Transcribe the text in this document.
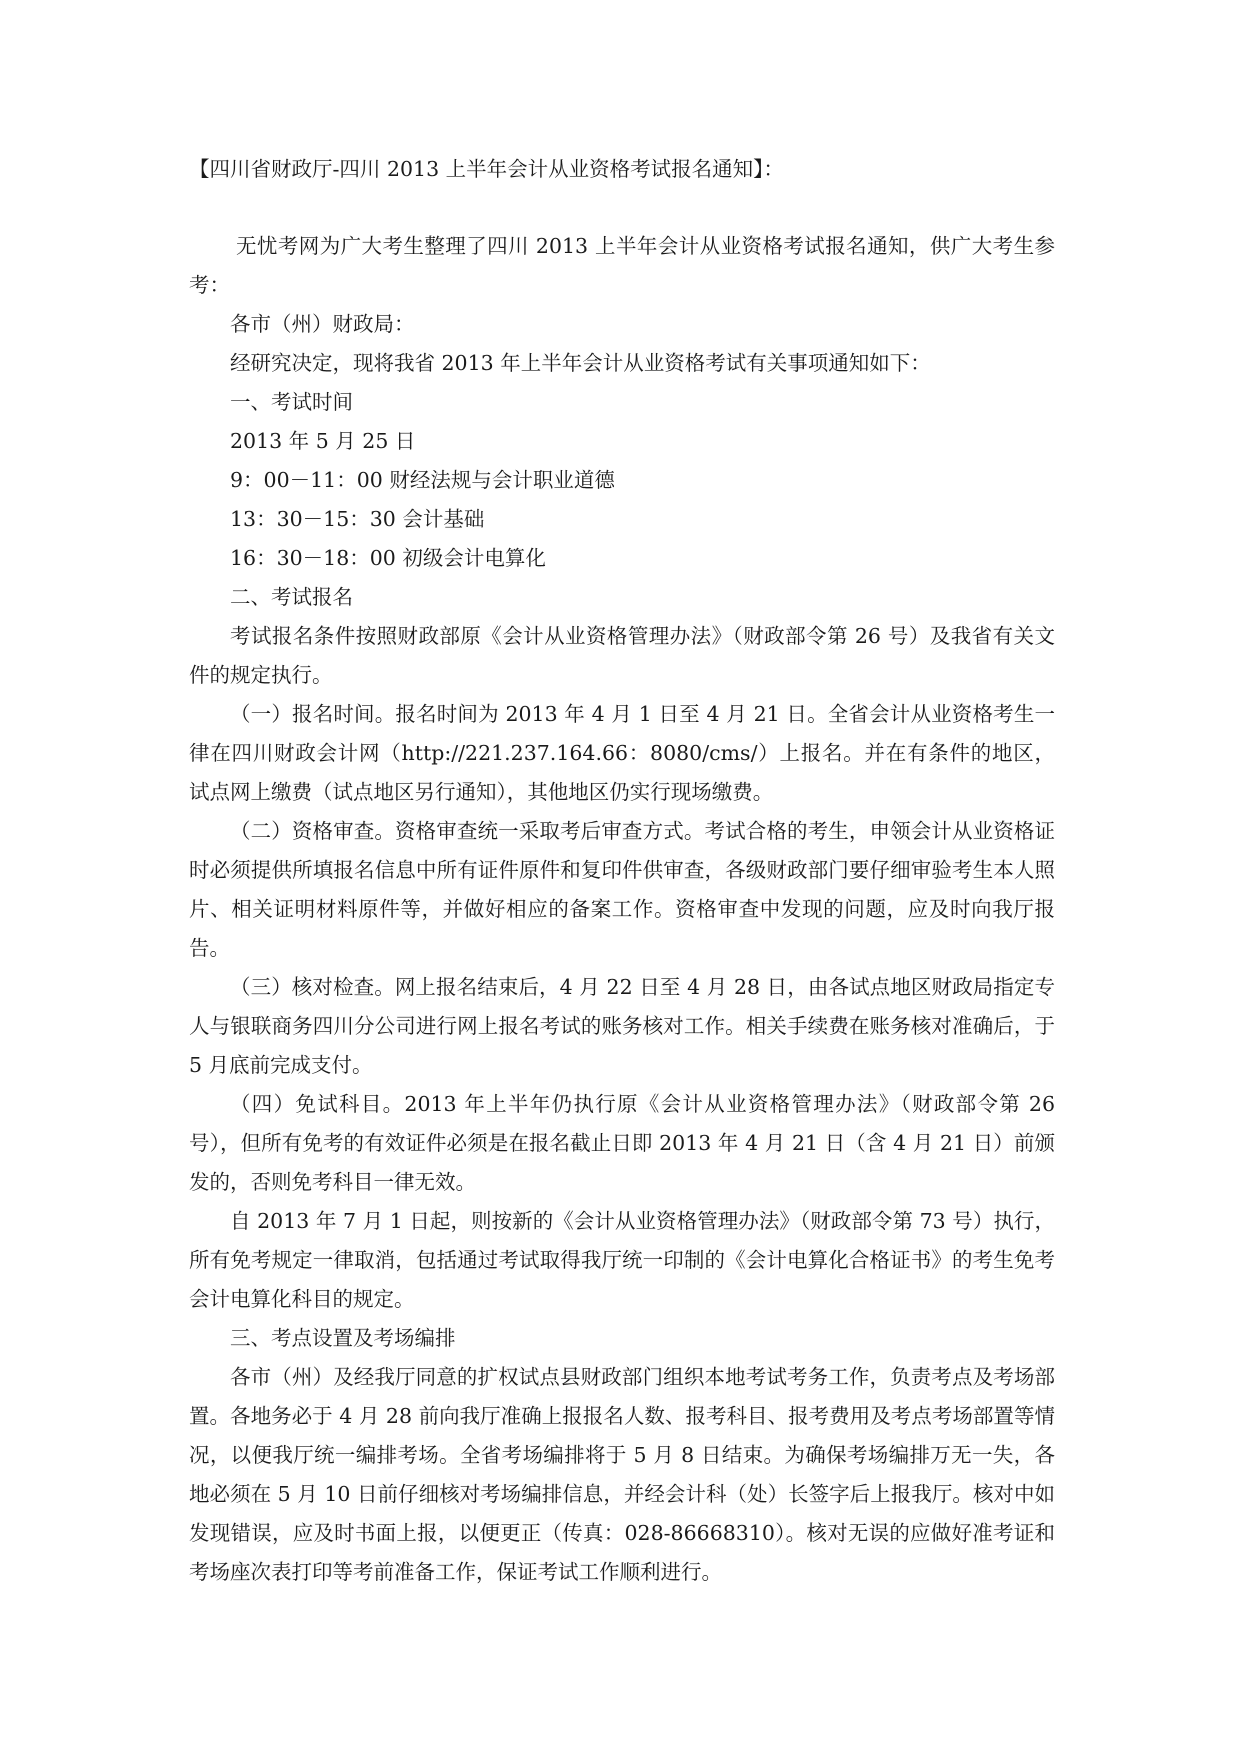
【四川省财政厅-四川 2013 上半年会计从业资格考试报名通知】：

无忧考网为广大考生整理了四川 2013 上半年会计从业资格考试报名通知，供广大考生参考：

各市（州）财政局：

经研究决定，现将我省 2013 年上半年会计从业资格考试有关事项通知如下：

一、考试时间

2013 年 5 月 25 日

9：00－11：00 财经法规与会计职业道德

13：30－15：30 会计基础

16：30－18：00 初级会计电算化

二、考试报名

考试报名条件按照财政部原《会计从业资格管理办法》（财政部令第 26 号）及我省有关文件的规定执行。

（一）报名时间。报名时间为 2013 年 4 月 1 日至 4 月 21 日。全省会计从业资格考生一律在四川财政会计网（http://221.237.164.66：8080/cms/）上报名。并在有条件的地区，试点网上缴费（试点地区另行通知），其他地区仍实行现场缴费。

（二）资格审查。资格审查统一采取考后审查方式。考试合格的考生，申领会计从业资格证时必须提供所填报名信息中所有证件原件和复印件供审查，各级财政部门要仔细审验考生本人照片、相关证明材料原件等，并做好相应的备案工作。资格审查中发现的问题，应及时向我厅报告。

（三）核对检查。网上报名结束后，4 月 22 日至 4 月 28 日，由各试点地区财政局指定专人与银联商务四川分公司进行网上报名考试的账务核对工作。相关手续费在账务核对准确后，于 5 月底前完成支付。

（四）免试科目。2013 年上半年仍执行原《会计从业资格管理办法》（财政部令第 26 号），但所有免考的有效证件必须是在报名截止日即 2013 年 4 月 21 日（含 4 月 21 日）前颁发的，否则免考科目一律无效。

自 2013 年 7 月 1 日起，则按新的《会计从业资格管理办法》（财政部令第 73 号）执行，所有免考规定一律取消，包括通过考试取得我厅统一印制的《会计电算化合格证书》的考生免考会计电算化科目的规定。

三、考点设置及考场编排

各市（州）及经我厅同意的扩权试点县财政部门组织本地考试考务工作，负责考点及考场部置。各地务必于 4 月 28 前向我厅准确上报报名人数、报考科目、报考费用及考点考场部置等情况，以便我厅统一编排考场。全省考场编排将于 5 月 8 日结束。为确保考场编排万无一失，各地必须在 5 月 10 日前仔细核对考场编排信息，并经会计科（处）长签字后上报我厅。核对中如发现错误，应及时书面上报，以便更正（传真：028-86668310）。核对无误的应做好准考证和考场座次表打印等考前准备工作，保证考试工作顺利进行。
